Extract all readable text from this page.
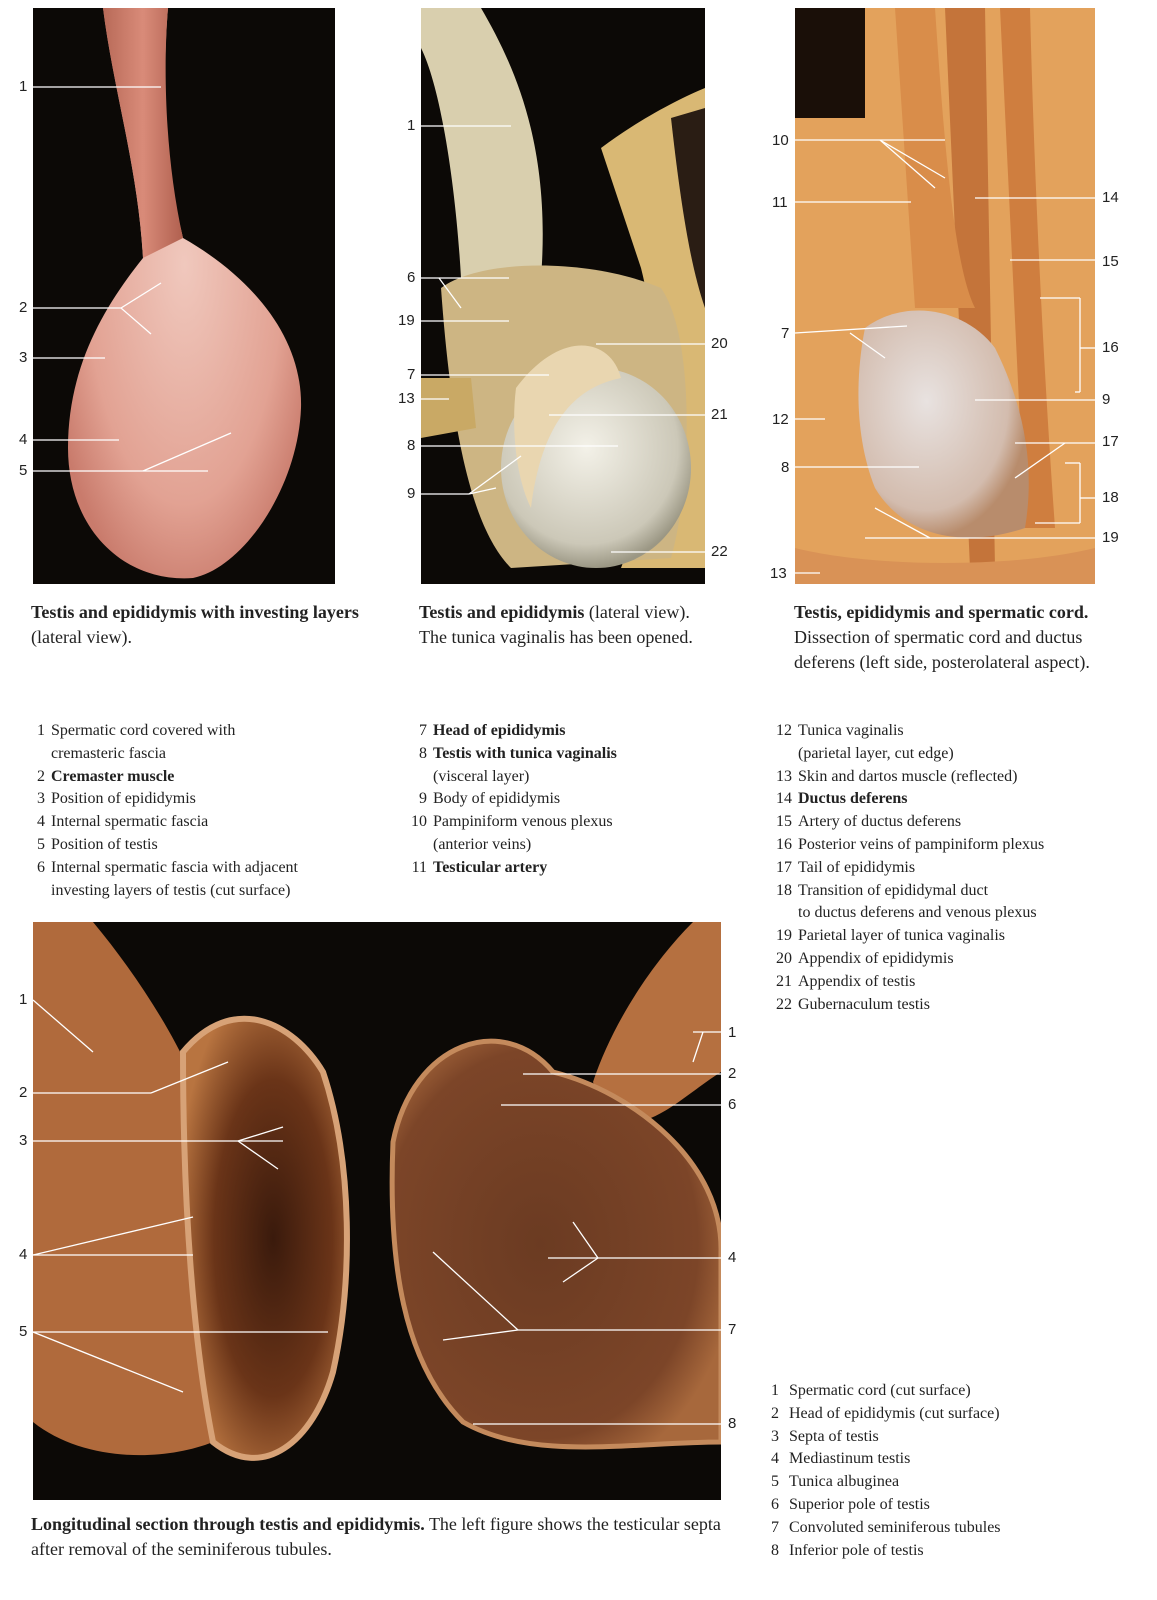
1
2
3
4
5
1
6
19
7
13
8
9
20
21
22
10
11
7
12
8
13
14
15
16
9
17
18
19
Testis and epididymis with investing layers (lateral view).
Testis and epididymis (lateral view). The tunica vaginalis has been opened.
Testis, epididymis and spermatic cord. Dissection of spermatic cord and ductus deferens (left side, posterolateral aspect).
1 Spermatic cord covered with
cremasteric fascia
2 Cremaster muscle
3 Position of epididymis
4 Internal spermatic fascia
5 Position of testis
6 Internal spermatic fascia with adjacent
investing layers of testis (cut surface)
7 Head of epididymis
8 Testis with tunica vaginalis
(visceral layer)
9 Body of epididymis
10 Pampiniform venous plexus
(anterior veins)
11 Testicular artery
12 Tunica vaginalis
(parietal layer, cut edge)
13 Skin and dartos muscle (reflected)
14 Ductus deferens
15 Artery of ductus deferens
16 Posterior veins of pampiniform plexus
17 Tail of epididymis
18 Transition of epididymal duct
to ductus deferens and venous plexus
19 Parietal layer of tunica vaginalis
20 Appendix of epididymis
21 Appendix of testis
22 Gubernaculum testis
1
2
3
4
5
1
2
6
4
7
8
Longitudinal section through testis and epididymis. The left figure shows the testicular septa after removal of the seminiferous tubules.
1 Spermatic cord (cut surface)
2 Head of epididymis (cut surface)
3 Septa of testis
4 Mediastinum testis
5 Tunica albuginea
6 Superior pole of testis
7 Convoluted seminiferous tubules
8 Inferior pole of testis
